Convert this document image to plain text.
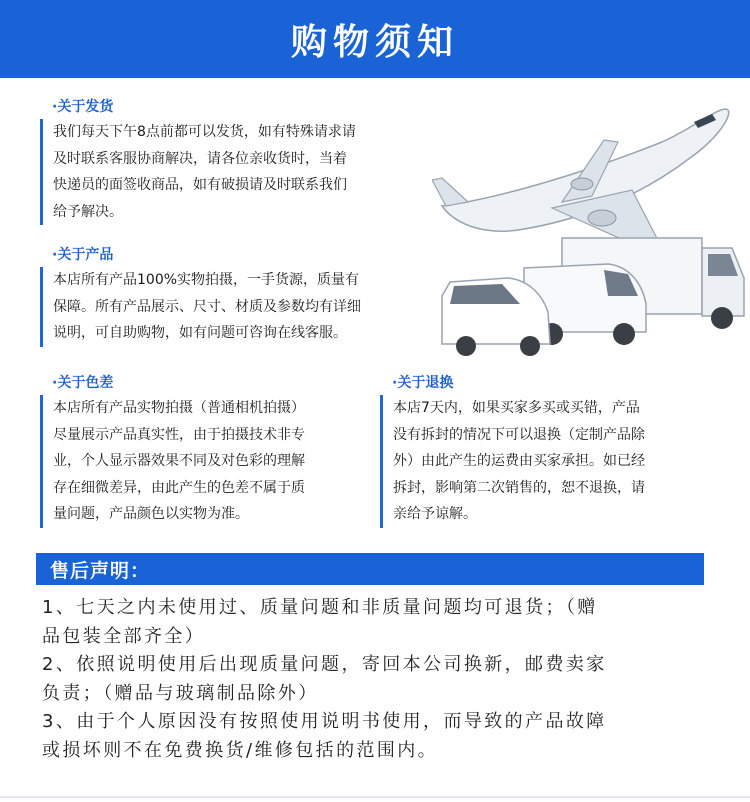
购物须知
·关于发货
我们每天下午8点前都可以发货，如有特殊请求请
及时联系客服协商解决，请各位亲收货时，当着
快递员的面签收商品，如有破损请及时联系我们
给予解决。
·关于产品
本店所有产品100%实物拍摄，一手货源，质量有
保障。所有产品展示、尺寸、材质及参数均有详细
说明，可自助购物，如有问题可咨询在线客服。
·关于色差
本店所有产品实物拍摄（普通相机拍摄）
尽量展示产品真实性，由于拍摄技术非专
业，个人显示器效果不同及对色彩的理解
存在细微差异，由此产生的色差不属于质
量问题，产品颜色以实物为准。
·关于退换
本店7天内，如果买家多买或买错，产品
没有拆封的情况下可以退换（定制产品除
外）由此产生的运费由买家承担。如已经
拆封，影响第二次销售的，恕不退换，请
亲给予谅解。
售后声明：

1、七天之内未使用过、质量问题和非质量问题均可退货；（赠
品包装全部齐全）

2、依照说明使用后出现质量问题，寄回本公司换新，邮费卖家
负责；（赠品与玻璃制品除外）

3、由于个人原因没有按照使用说明书使用，而导致的产品故障
或损坏则不在免费换货/维修包括的范围内。
